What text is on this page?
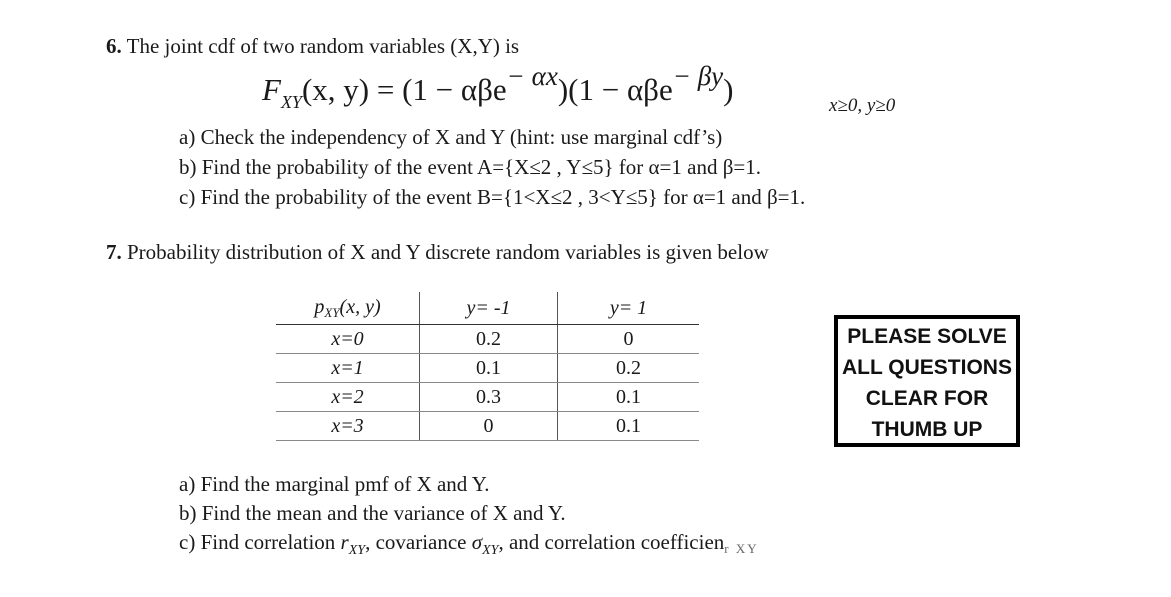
6. The joint cdf of two random variables (X,Y) is
$F_{XY}(x$, y) = (1 − αβe$^{- \alpha x}$)(1 − αβe$^{- \beta y}$)	x≥0, y≥0
a) Check the independency of X and Y (hint: use marginal cdf’s)
b) Find the probability of the event A={X≤2 , Y≤5} for α=1 and β=1.
c) Find the probability of the event B={1<X≤2 , 3<Y≤5} for α=1 and β=1.
7. Probability distribution of X and Y discrete random variables is given below
$p_{XY}(x$, y)	y= -1	y= 1
x=0	0.2	0
x=1	0.1	0.2
x=2	0.3	0.1
x=3	0	0.1
PLEASE SOLVE
ALL QUESTIONS
CLEAR FOR
THUMB UP
a) Find the marginal pmf of X and Y.
b) Find the mean and the variance of X and Y.
c) Find correlation $r_{XY}$, covariance $\sigma_{XY}$, and correlation coefficienr XY
